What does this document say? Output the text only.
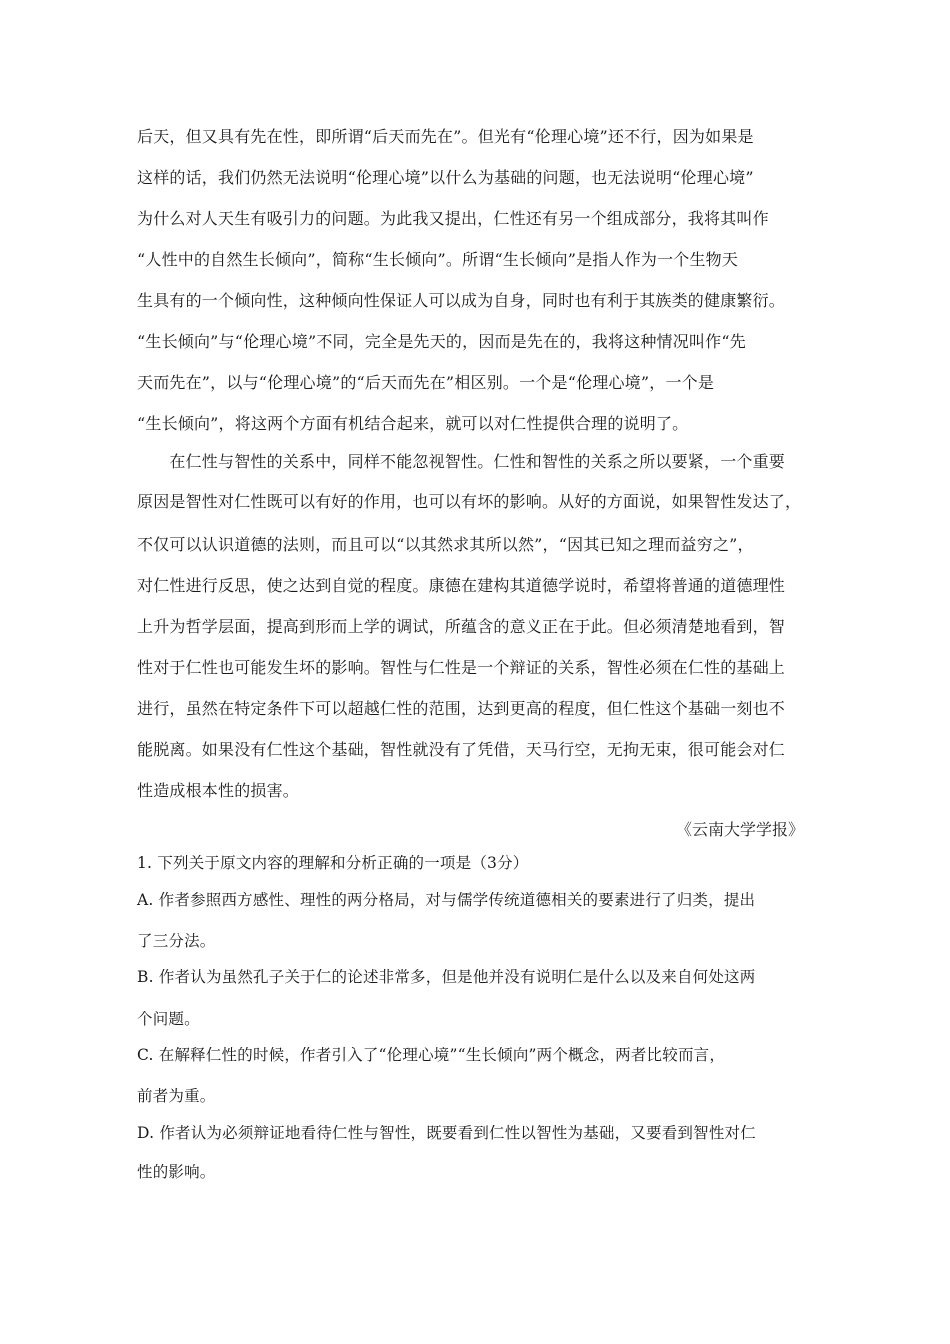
后天，但又具有先在性，即所谓“后天而先在”。但光有“伦理心境”还不行，因为如果是
这样的话，我们仍然无法说明“伦理心境”以什么为基础的问题，也无法说明“伦理心境”
为什么对人天生有吸引力的问题。为此我又提出，仁性还有另一个组成部分，我将其叫作
“人性中的自然生长倾向”，简称“生长倾向”。所谓“生长倾向”是指人作为一个生物天
生具有的一个倾向性，这种倾向性保证人可以成为自身，同时也有利于其族类的健康繁衍。
“生长倾向”与“伦理心境”不同，完全是先天的，因而是先在的，我将这种情况叫作“先
天而先在”，以与“伦理心境”的“后天而先在”相区别。一个是“伦理心境”，一个是
“生长倾向”，将这两个方面有机结合起来，就可以对仁性提供合理的说明了。
　　在仁性与智性的关系中，同样不能忽视智性。仁性和智性的关系之所以要紧，一个重要
原因是智性对仁性既可以有好的作用，也可以有坏的影响。从好的方面说，如果智性发达了，
不仅可以认识道德的法则，而且可以“以其然求其所以然”，“因其已知之理而益穷之”，
对仁性进行反思，使之达到自觉的程度。康德在建构其道德学说时，希望将普通的道德理性
上升为哲学层面，提高到形而上学的调试，所蕴含的意义正在于此。但必须清楚地看到，智
性对于仁性也可能发生坏的影响。智性与仁性是一个辩证的关系，智性必须在仁性的基础上
进行，虽然在特定条件下可以超越仁性的范围，达到更高的程度，但仁性这个基础一刻也不
能脱离。如果没有仁性这个基础，智性就没有了凭借，天马行空，无拘无束，很可能会对仁
性造成根本性的损害。
《云南大学学报》
1. 下列关于原文内容的理解和分析正确的一项是（3分）
A. 作者参照西方感性、理性的两分格局，对与儒学传统道德相关的要素进行了归类，提出
了三分法。
B. 作者认为虽然孔子关于仁的论述非常多，但是他并没有说明仁是什么以及来自何处这两
个问题。
C. 在解释仁性的时候，作者引入了“伦理心境”“生长倾向”两个概念，两者比较而言，
前者为重。
D. 作者认为必须辩证地看待仁性与智性，既要看到仁性以智性为基础，又要看到智性对仁
性的影响。
